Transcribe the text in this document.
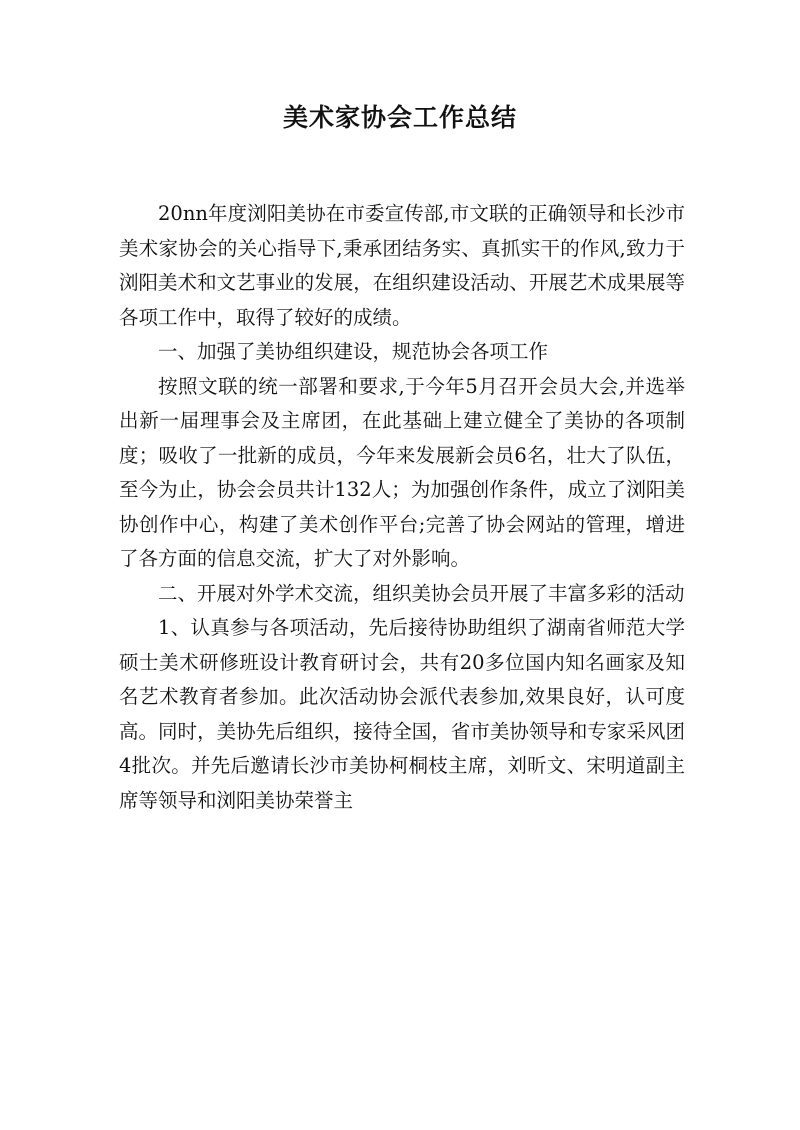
美术家协会工作总结

20nn年度浏阳美协在市委宣传部,市文联的正确领导和长沙市美术家协会的关心指导下,秉承团结务实、真抓实干的作风,致力于浏阳美术和文艺事业的发展，在组织建设活动、开展艺术成果展等各项工作中，取得了较好的成绩。

一、加强了美协组织建设，规范协会各项工作

按照文联的统一部署和要求,于今年5月召开会员大会,并选举出新一届理事会及主席团，在此基础上建立健全了美协的各项制度；吸收了一批新的成员，今年来发展新会员6名，壮大了队伍，至今为止，协会会员共计132人；为加强创作条件，成立了浏阳美协创作中心，构建了美术创作平台;完善了协会网站的管理，增进了各方面的信息交流，扩大了对外影响。

二、开展对外学术交流，组织美协会员开展了丰富多彩的活动

1、认真参与各项活动，先后接待协助组织了湖南省师范大学硕士美术研修班设计教育研讨会，共有20多位国内知名画家及知名艺术教育者参加。此次活动协会派代表参加,效果良好，认可度高。同时，美协先后组织，接待全国，省市美协领导和专家采风团4批次。并先后邀请长沙市美协柯桐枝主席，刘昕文、宋明道副主席等领导和浏阳美协荣誉主
